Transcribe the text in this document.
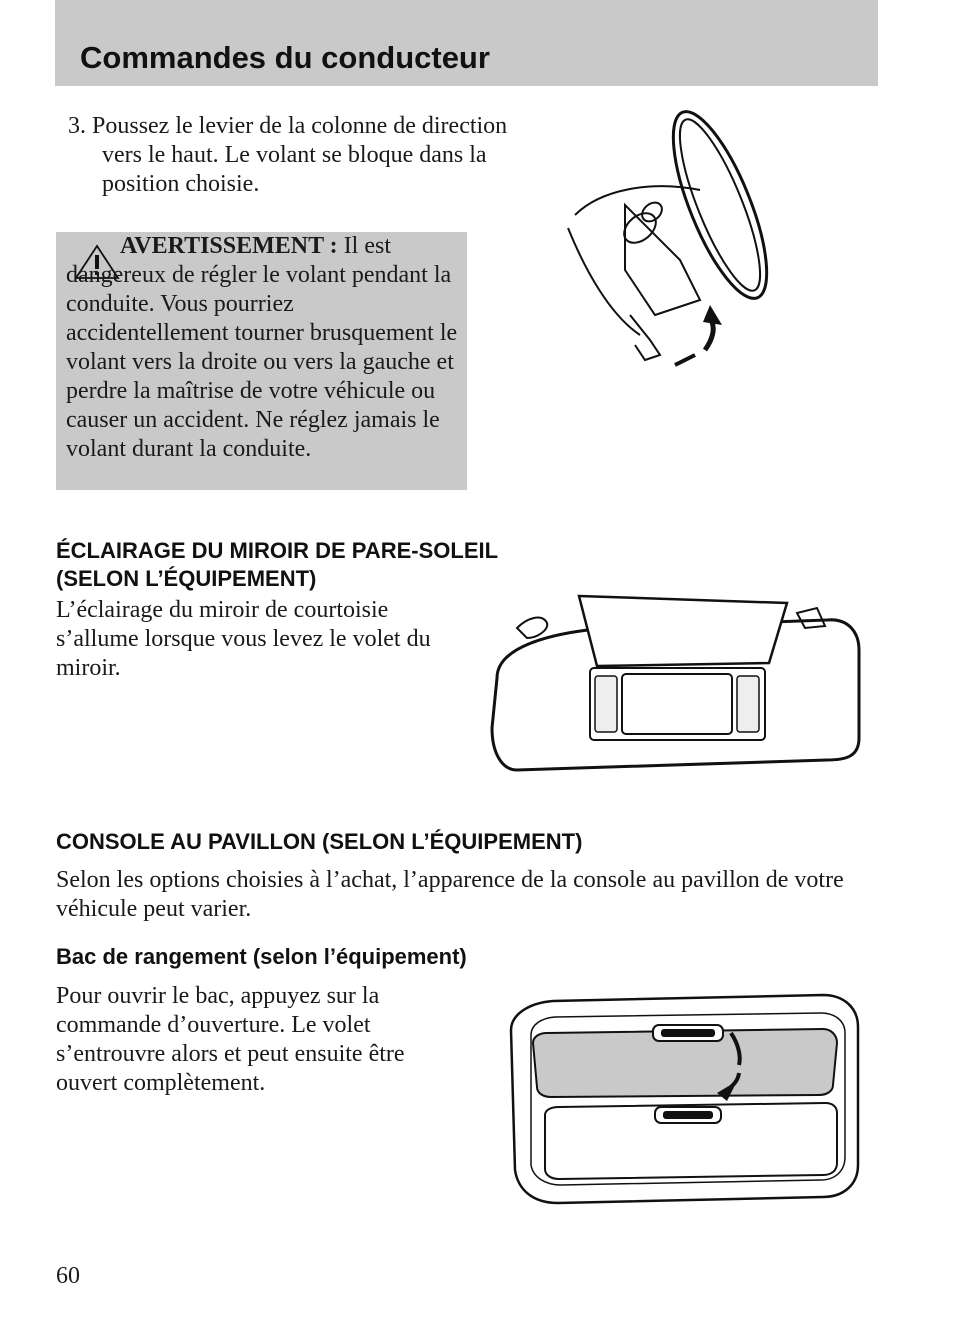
Commandes du conducteur
3. Poussez le levier de la colonne de direction vers le haut. Le volant se bloque dans la position choisie.
AVERTISSEMENT : Il est dangereux de régler le volant pendant la conduite. Vous pourriez accidentellement tourner brusquement le volant vers la droite ou vers la gauche et perdre la maîtrise de votre véhicule ou causer un accident. Ne réglez jamais le volant durant la conduite.
ÉCLAIRAGE DU MIROIR DE PARE-SOLEIL
(SELON L’ÉQUIPEMENT)
L’éclairage du miroir de courtoisie s’allume lorsque vous levez le volet du miroir.
CONSOLE AU PAVILLON (SELON L’ÉQUIPEMENT)
Selon les options choisies à l’achat, l’apparence de la console au pavillon de votre véhicule peut varier.
Bac de rangement (selon l’équipement)
Pour ouvrir le bac, appuyez sur la commande d’ouverture. Le volet s’entrouvre alors et peut ensuite être ouvert complètement.
60
